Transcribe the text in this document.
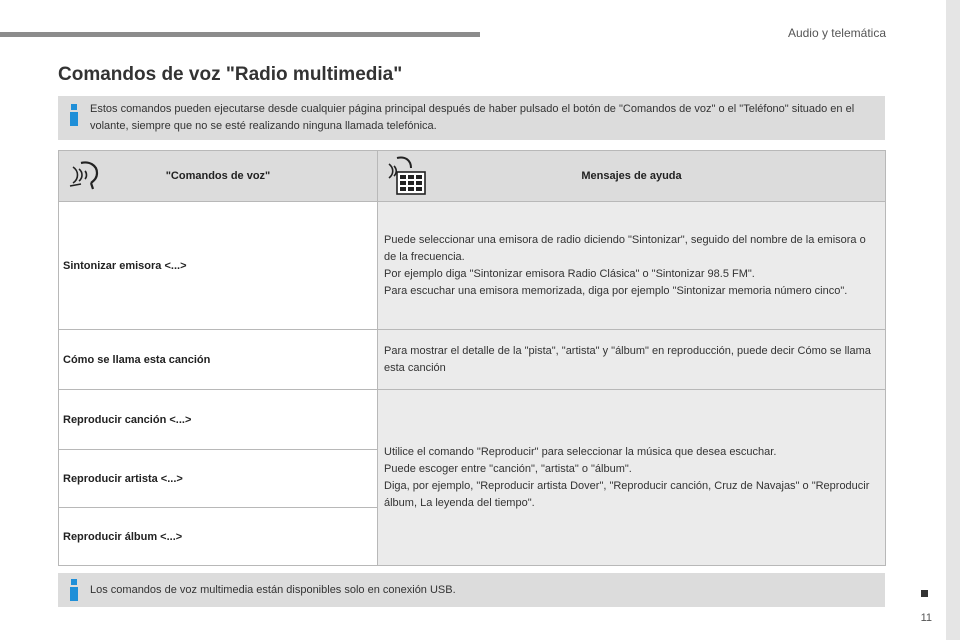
Audio y telemática
Comandos de voz "Radio multimedia"
Estos comandos pueden ejecutarse desde cualquier página principal después de haber pulsado el botón de "Comandos de voz" o el "Teléfono" situado en el volante, siempre que no se esté realizando ninguna llamada telefónica.
"Comandos de voz"	Mensajes de ayuda

Sintonizar emisora <...>	Puede seleccionar una emisora de radio diciendo "Sintonizar", seguido del nombre de la emisora o de la frecuencia.
Por ejemplo diga "Sintonizar emisora Radio Clásica" o "Sintonizar 98.5 FM".
Para escuchar una emisora memorizada, diga por ejemplo "Sintonizar memoria número cinco".

Cómo se llama esta canción	Para mostrar el detalle de la "pista", "artista" y "álbum" en reproducción, puede decir Cómo se llama esta canción

Reproducir canción <...>	Utilice el comando "Reproducir" para seleccionar la música que desea escuchar.
Puede escoger entre "canción", "artista" o "álbum".
Diga, por ejemplo, "Reproducir artista Dover", "Reproducir canción, Cruz de Navajas" o "Reproducir álbum, La leyenda del tiempo".

Reproducir artista <...>	
Reproducir álbum <...>	
Los comandos de voz multimedia están disponibles solo en conexión USB.
11
